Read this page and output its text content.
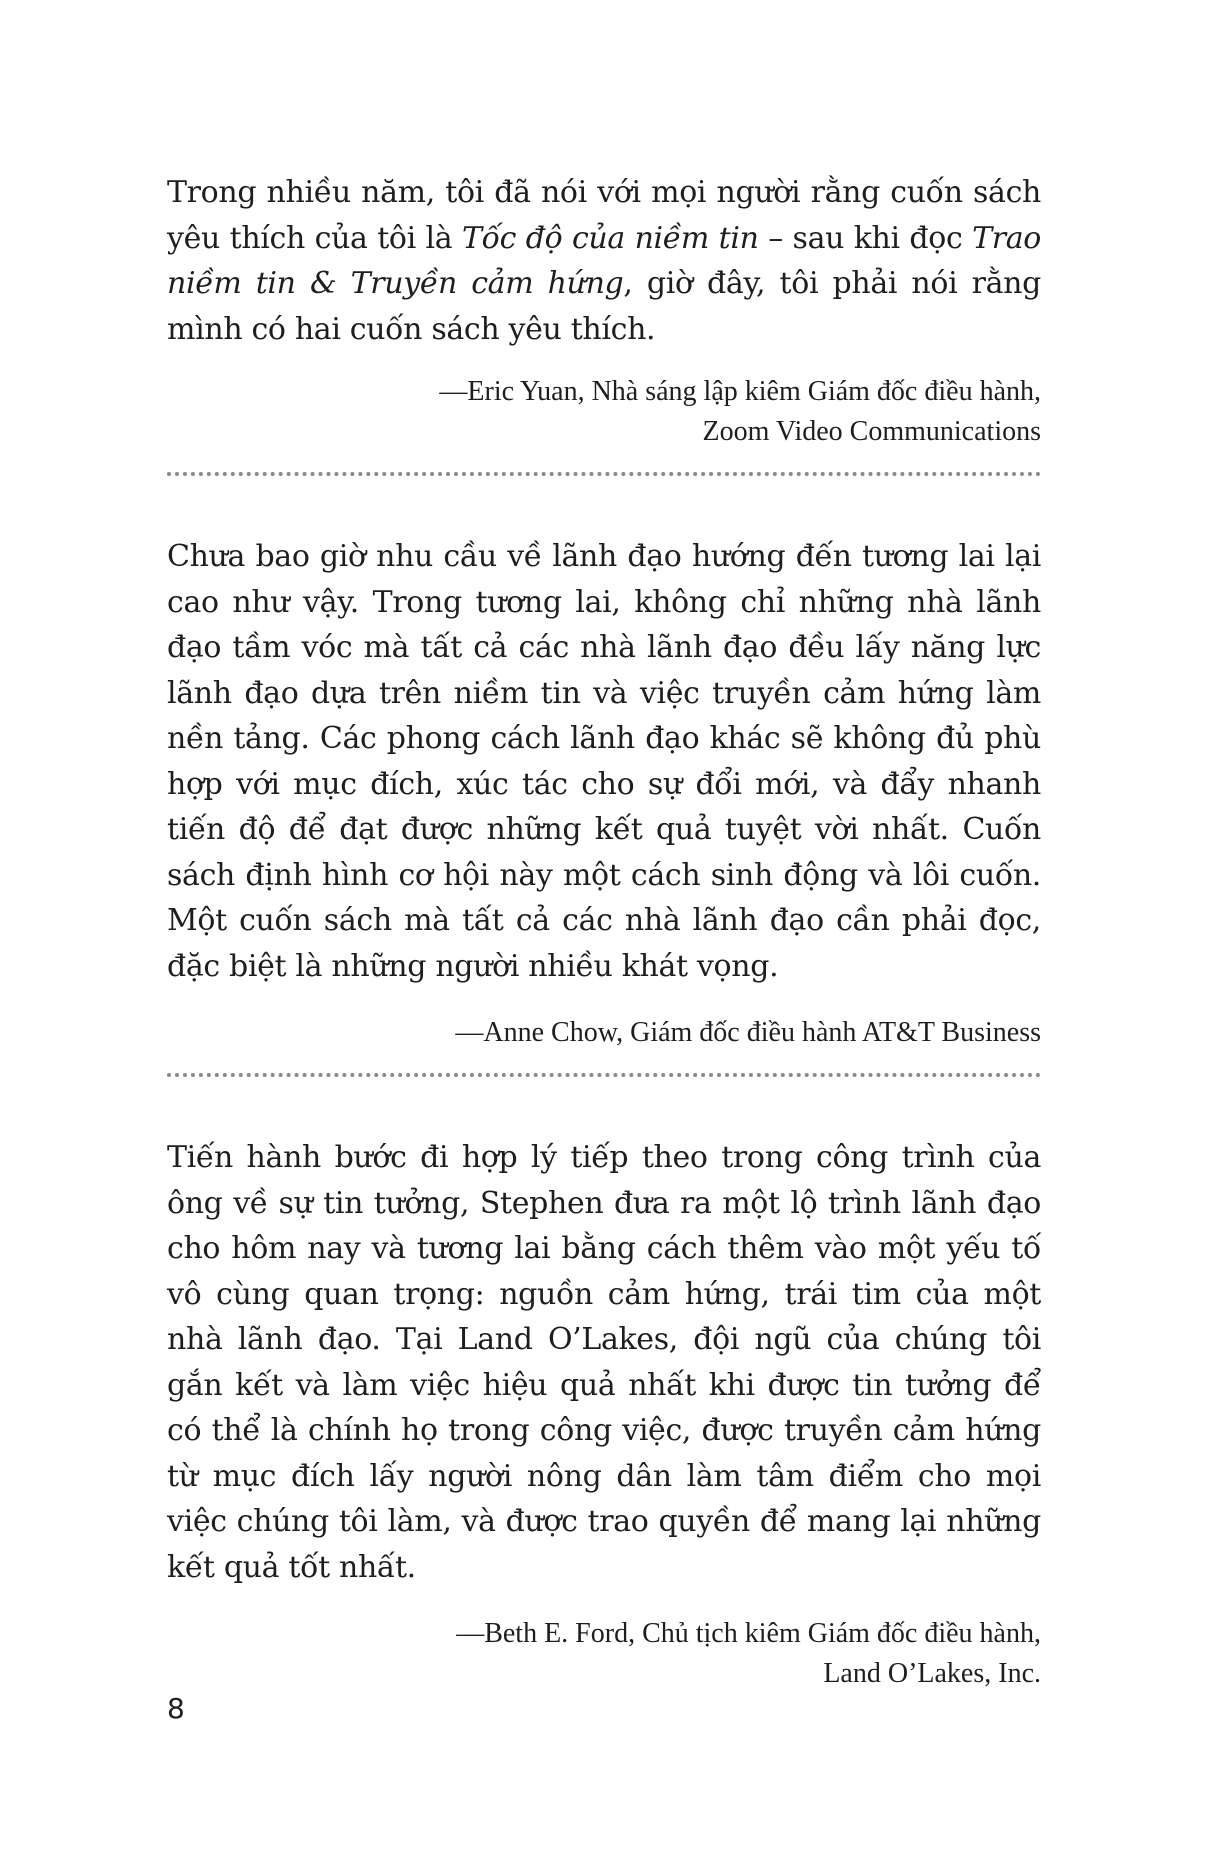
Trong nhiều năm, tôi đã nói với mọi người rằng cuốn sách yêu thích của tôi là Tốc độ của niềm tin – sau khi đọc Trao niềm tin & Truyền cảm hứng, giờ đây, tôi phải nói rằng mình có hai cuốn sách yêu thích.

—Eric Yuan, Nhà sáng lập kiêm Giám đốc điều hành,
Zoom Video Communications

Chưa bao giờ nhu cầu về lãnh đạo hướng đến tương lai lại cao như vậy. Trong tương lai, không chỉ những nhà lãnh đạo tầm vóc mà tất cả các nhà lãnh đạo đều lấy năng lực lãnh đạo dựa trên niềm tin và việc truyền cảm hứng làm nền tảng. Các phong cách lãnh đạo khác sẽ không đủ phù hợp với mục đích, xúc tác cho sự đổi mới, và đẩy nhanh tiến độ để đạt được những kết quả tuyệt vời nhất. Cuốn sách định hình cơ hội này một cách sinh động và lôi cuốn. Một cuốn sách mà tất cả các nhà lãnh đạo cần phải đọc, đặc biệt là những người nhiều khát vọng.

—Anne Chow, Giám đốc điều hành AT&T Business

Tiến hành bước đi hợp lý tiếp theo trong công trình của ông về sự tin tưởng, Stephen đưa ra một lộ trình lãnh đạo cho hôm nay và tương lai bằng cách thêm vào một yếu tố vô cùng quan trọng: nguồn cảm hứng, trái tim của một nhà lãnh đạo. Tại Land O’Lakes, đội ngũ của chúng tôi gắn kết và làm việc hiệu quả nhất khi được tin tưởng để có thể là chính họ trong công việc, được truyền cảm hứng từ mục đích lấy người nông dân làm tâm điểm cho mọi việc chúng tôi làm, và được trao quyền để mang lại những kết quả tốt nhất.

—Beth E. Ford, Chủ tịch kiêm Giám đốc điều hành,
Land O’Lakes, Inc.

8
